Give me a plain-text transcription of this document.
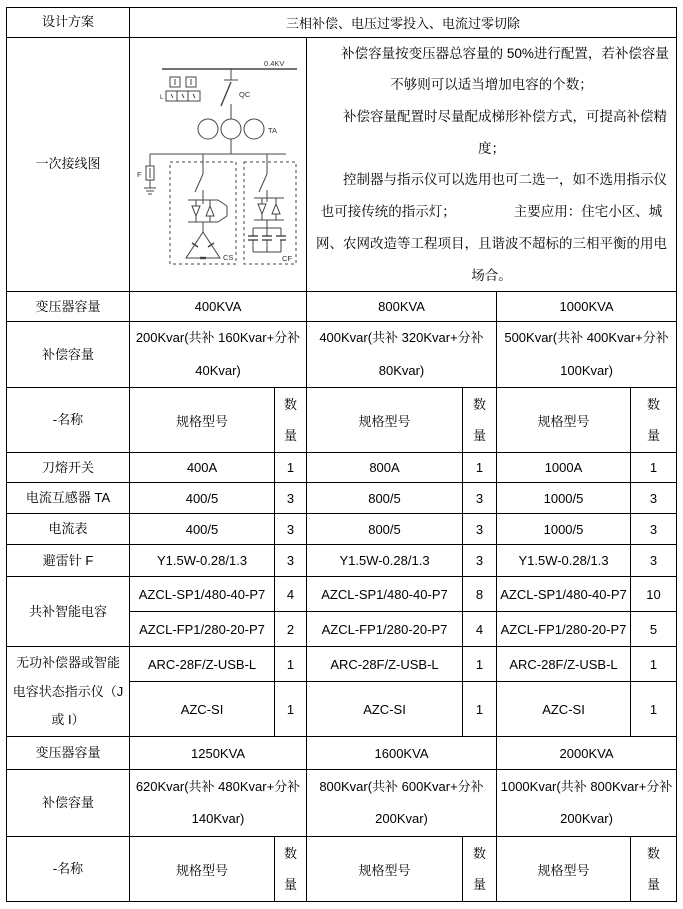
设计方案	三相补偿、电压过零投入、电流过零切除					
一次接线图	
0.4KV
L	QC
TA
F
CS	CF

补偿容量按变压器总容量的 50%进行配置，若补偿容量不够则可以适当增加电容的个数；

补偿容量配置时尽量配成梯形补偿方式，可提高补偿精度；

控制器与指示仪可以选用也可二选一，如不选用指示仪也可接传统的指示灯；	主要应用：住宅小区、城网、农网改造等工程项目，且谐波不超标的三相平衡的用电场合。

变压器容量	400KVA		800KVA		1000KVA	
补偿容量	200Kvar(共补 160Kvar+分补 40Kvar)		400Kvar(共补 320Kvar+分补 80Kvar)		500Kvar(共补 400Kvar+分补 100Kvar)	
-名称	规格型号	数量	规格型号	数量	规格型号	数量
刀熔开关	400A	1	800A	1	1000A	1
电流互感器 TA	400/5	3	800/5	3	1000/5	3
电流表	400/5	3	800/5	3	1000/5	3
避雷针 F	Y1.5W-0.28/1.3	3	Y1.5W-0.28/1.3	3	Y1.5W-0.28/1.3	3
共补智能电容	AZCL-SP1/480-40-P7	4	AZCL-SP1/480-40-P7	8	AZCL-SP1/480-40-P7	10
	AZCL-FP1/280-20-P7	2	AZCL-FP1/280-20-P7	4	AZCL-FP1/280-20-P7	5
无功补偿器或智能电容状态指示仪（J 或 I）	ARC-28F/Z-USB-L	1	ARC-28F/Z-USB-L	1	ARC-28F/Z-USB-L	1
	AZC-SI	1	AZC-SI	1	AZC-SI	1
变压器容量	1250KVA		1600KVA		2000KVA	
补偿容量	620Kvar(共补 480Kvar+分补 140Kvar)		800Kvar(共补 600Kvar+分补 200Kvar)		1000Kvar(共补 800Kvar+分补 200Kvar)	
-名称	规格型号	数量	规格型号	数量	规格型号	数量
